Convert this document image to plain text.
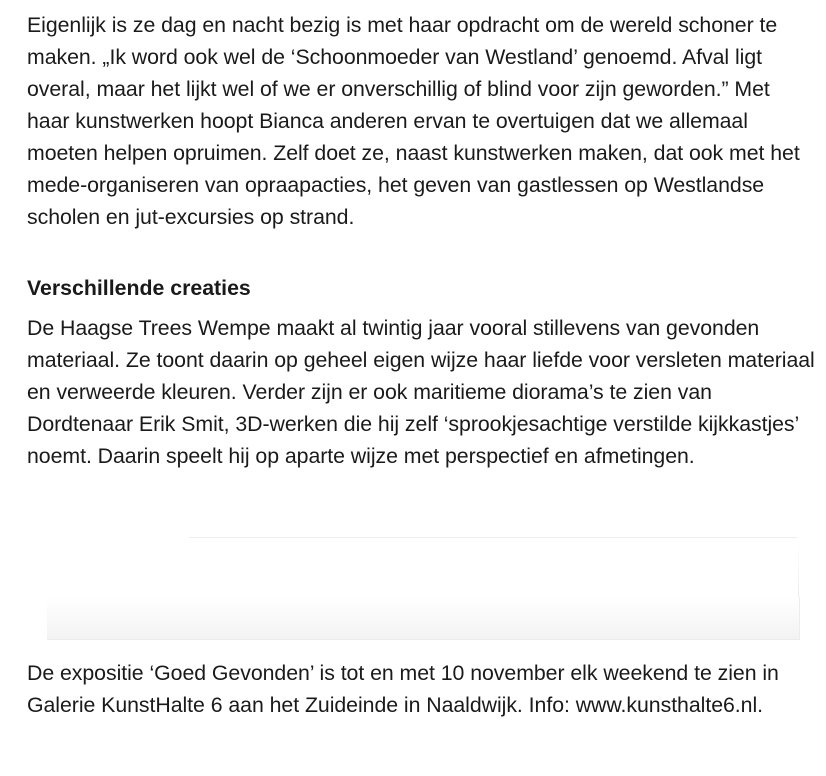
Eigenlijk is ze dag en nacht bezig is met haar opdracht om de wereld schoner te maken. „Ik word ook wel de ‘Schoonmoeder van Westland’ genoemd. Afval ligt overal, maar het lijkt wel of we er onverschillig of blind voor zijn geworden.” Met haar kunstwerken hoopt Bianca anderen ervan te overtuigen dat we allemaal moeten helpen opruimen. Zelf doet ze, naast kunstwerken maken, dat ook met het mede-organiseren van opraapacties, het geven van gastlessen op Westlandse scholen en jut-excursies op strand.

Verschillende creaties

De Haagse Trees Wempe maakt al twintig jaar vooral stillevens van gevonden materiaal. Ze toont daarin op geheel eigen wijze haar liefde voor versleten materiaal en verweerde kleuren. Verder zijn er ook maritieme diorama’s te zien van Dordtenaar Erik Smit, 3D-werken die hij zelf ‘sprookjesachtige verstilde kijkkastjes’ noemt. Daarin speelt hij op aparte wijze met perspectief en afmetingen.

De expositie ‘Goed Gevonden’ is tot en met 10 november elk weekend te zien in Galerie KunstHalte 6 aan het Zuideinde in Naaldwijk. Info: www.kunsthalte6.nl.
